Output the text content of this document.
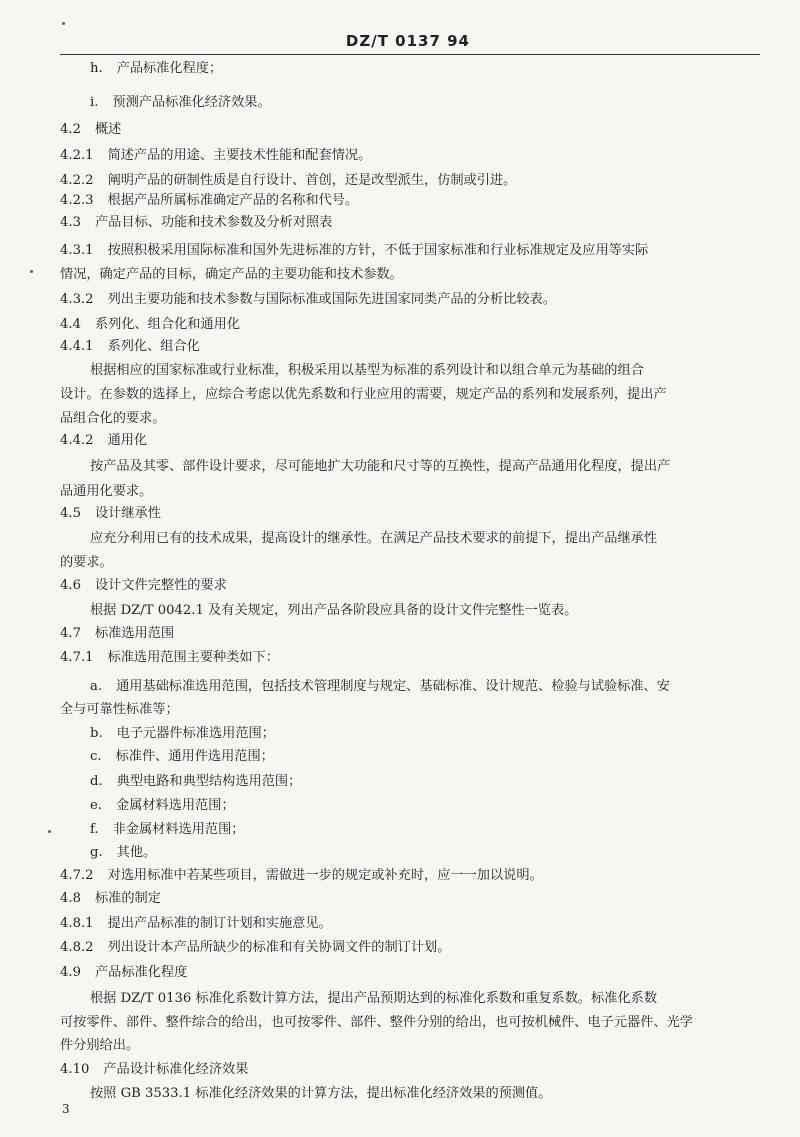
DZ/T 0137 94
h. 产品标准化程度；
i. 预测产品标准化经济效果。
4.2 概述
4.2.1 简述产品的用途、主要技术性能和配套情况。
4.2.2 阐明产品的研制性质是自行设计、首创，还是改型派生，仿制或引进。
4.2.3 根据产品所属标准确定产品的名称和代号。
4.3 产品目标、功能和技术参数及分析对照表
4.3.1 按照积极采用国际标准和国外先进标准的方针，不低于国家标准和行业标准规定及应用等实际
情况，确定产品的目标，确定产品的主要功能和技术参数。
4.3.2 列出主要功能和技术参数与国际标准或国际先进国家同类产品的分析比较表。
4.4 系列化、组合化和通用化
4.4.1 系列化、组合化
根据相应的国家标准或行业标准，积极采用以基型为标准的系列设计和以组合单元为基础的组合
设计。在参数的选择上，应综合考虑以优先系数和行业应用的需要，规定产品的系列和发展系列，提出产
品组合化的要求。
4.4.2 通用化
按产品及其零、部件设计要求，尽可能地扩大功能和尺寸等的互换性，提高产品通用化程度，提出产
品通用化要求。
4.5 设计继承性
应充分利用已有的技术成果，提高设计的继承性。在满足产品技术要求的前提下，提出产品继承性
的要求。
4.6 设计文件完整性的要求
根据 DZ/T 0042.1 及有关规定，列出产品各阶段应具备的设计文件完整性一览表。
4.7 标准选用范围
4.7.1 标准选用范围主要种类如下：
a. 通用基础标准选用范围，包括技术管理制度与规定、基础标准、设计规范、检验与试验标准、安
全与可靠性标准等；
b. 电子元器件标准选用范围；
c. 标准件、通用件选用范围；
d. 典型电路和典型结构选用范围；
e. 金属材料选用范围；
f. 非金属材料选用范围；
g. 其他。
4.7.2 对选用标准中若某些项目，需做进一步的规定或补充时，应一一加以说明。
4.8 标准的制定
4.8.1 提出产品标准的制订计划和实施意见。
4.8.2 列出设计本产品所缺少的标准和有关协调文件的制订计划。
4.9 产品标准化程度
根据 DZ/T 0136 标准化系数计算方法，提出产品预期达到的标准化系数和重复系数。标准化系数
可按零件、部件、整件综合的给出，也可按零件、部件、整件分别的给出，也可按机械件、电子元器件、光学
件分别给出。
4.10 产品设计标准化经济效果
按照 GB 3533.1 标准化经济效果的计算方法，提出标准化经济效果的预测值。
3
